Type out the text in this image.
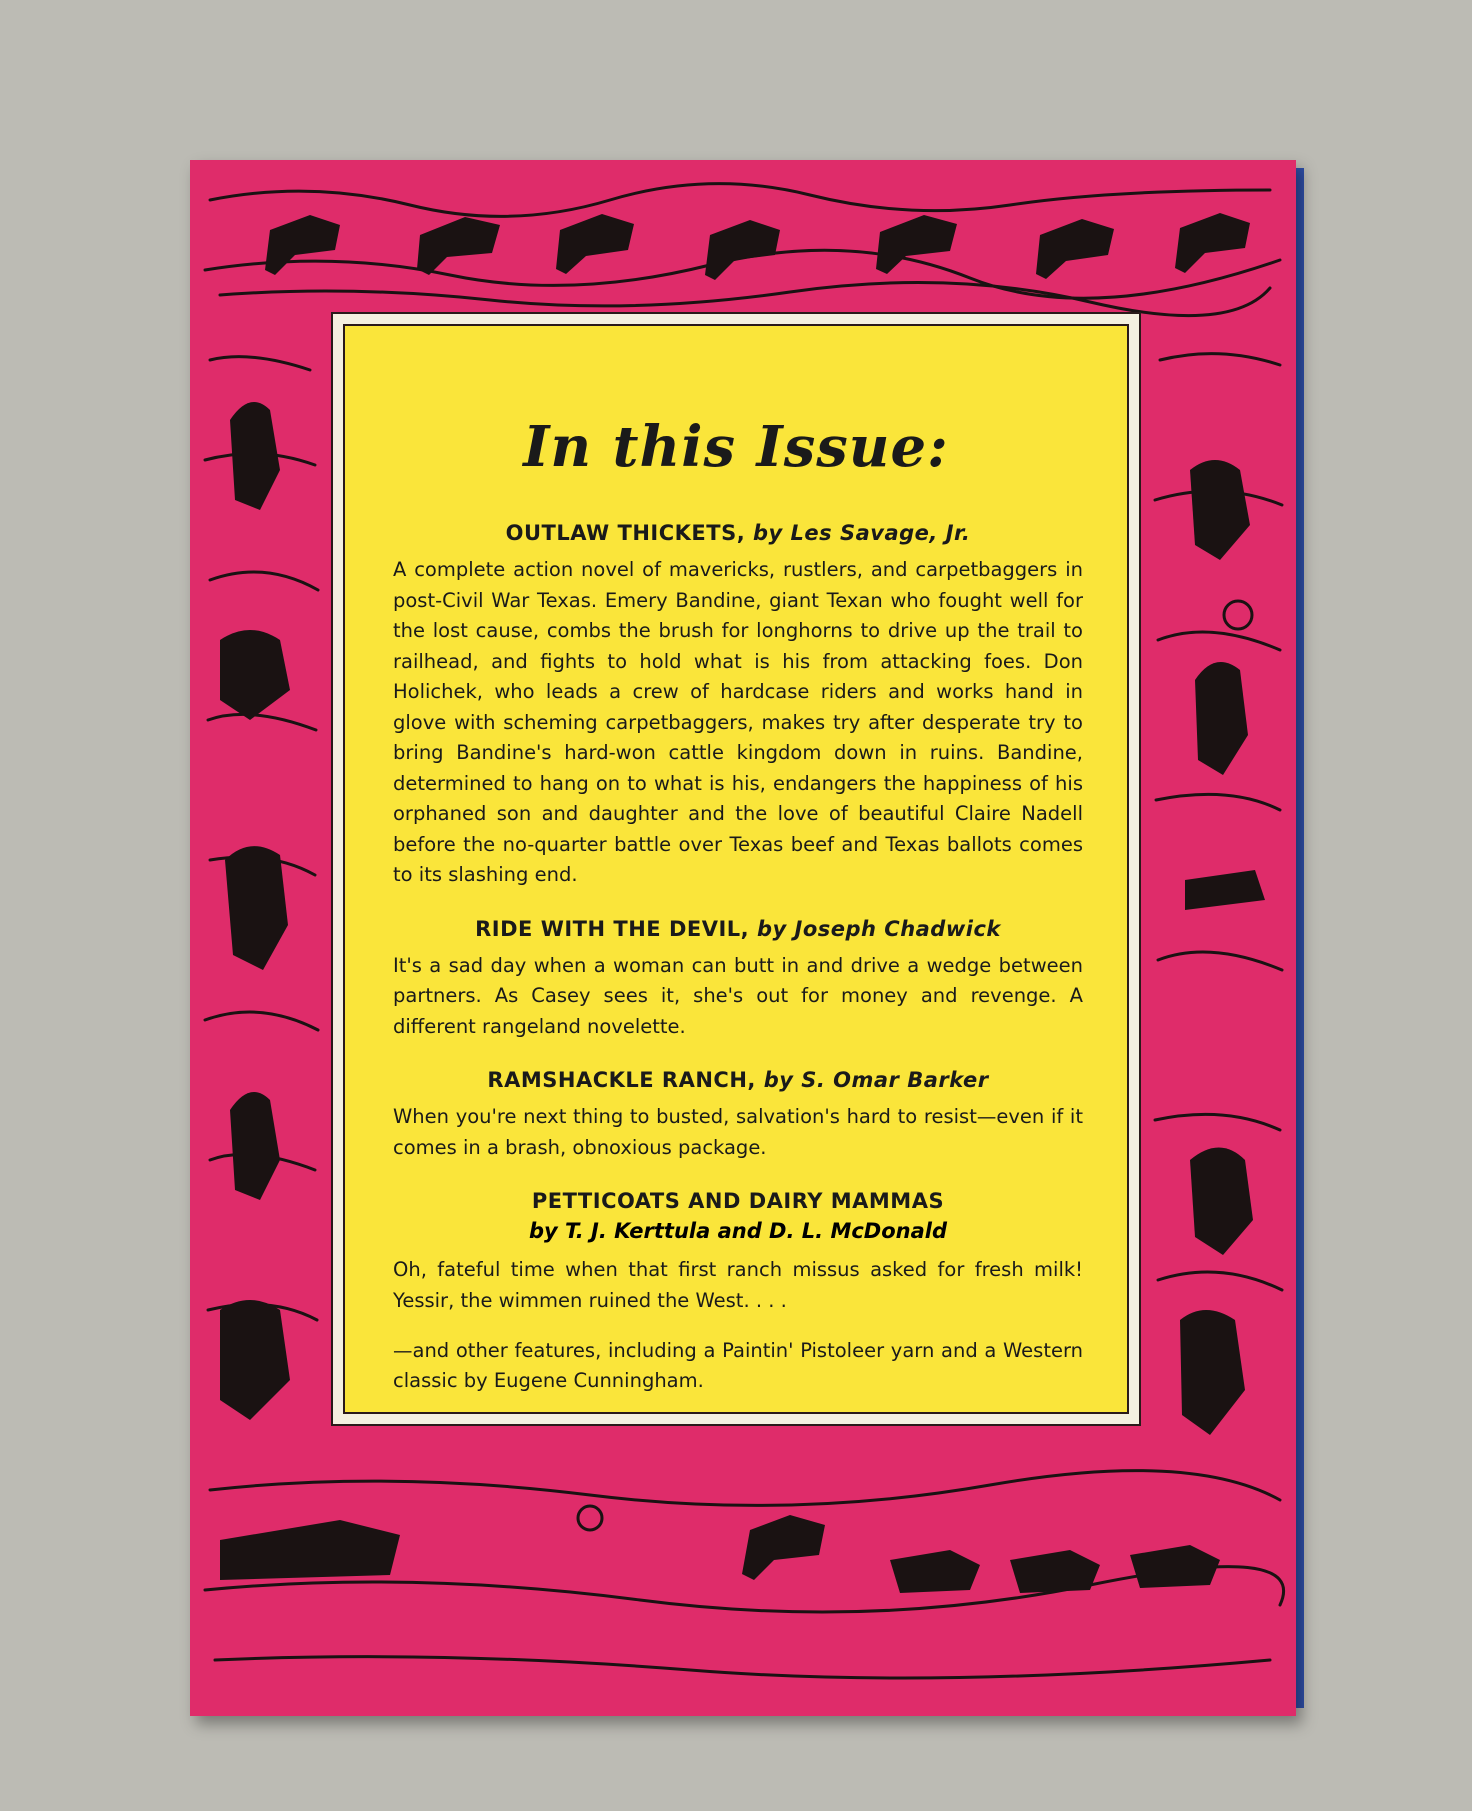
In this Issue:

OUTLAW THICKETS, by Les Savage, Jr.

A complete action novel of mavericks, rustlers, and carpetbaggers in post-Civil War Texas. Emery Bandine, giant Texan who fought well for the lost cause, combs the brush for longhorns to drive up the trail to railhead, and fights to hold what is his from attacking foes. Don Holichek, who leads a crew of hardcase riders and works hand in glove with scheming carpetbaggers, makes try after desperate try to bring Bandine's hard-won cattle kingdom down in ruins. Bandine, determined to hang on to what is his, endangers the happiness of his orphaned son and daughter and the love of beautiful Claire Nadell before the no-quarter battle over Texas beef and Texas ballots comes to its slashing end.

RIDE WITH THE DEVIL, by Joseph Chadwick

It's a sad day when a woman can butt in and drive a wedge between partners. As Casey sees it, she's out for money and revenge. A different rangeland novelette.

RAMSHACKLE RANCH, by S. Omar Barker

When you're next thing to busted, salvation's hard to resist—even if it comes in a brash, obnoxious package.

PETTICOATS AND DAIRY MAMMAS

by T. J. Kerttula and D. L. McDonald

Oh, fateful time when that first ranch missus asked for fresh milk! Yessir, the wimmen ruined the West. . . .

—and other features, including a Paintin' Pistoleer yarn and a Western classic by Eugene Cunningham.
